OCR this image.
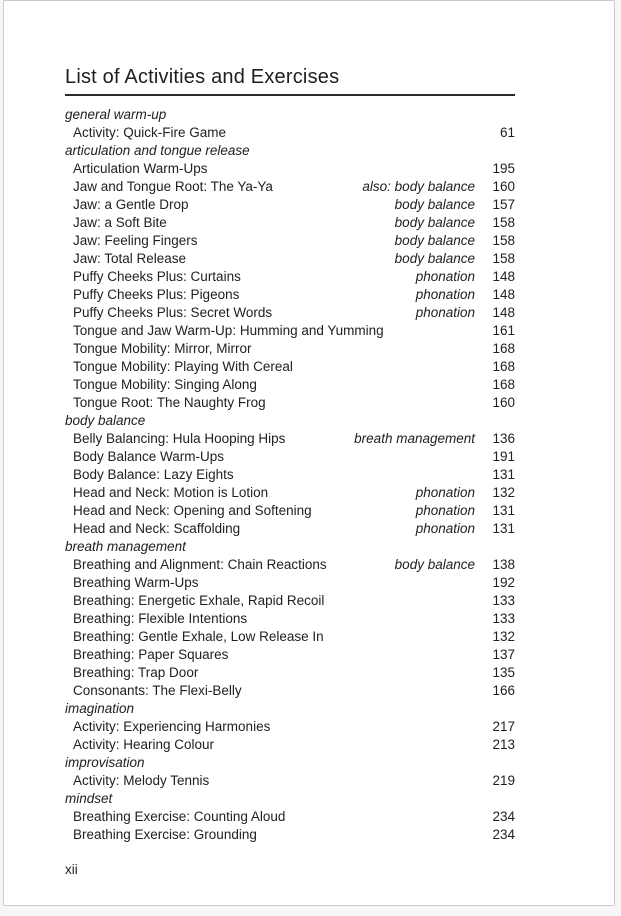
List of Activities and Exercises
general warm-up
Activity: Quick-Fire Game	61
articulation and tongue release
Articulation Warm-Ups	195
Jaw and Tongue Root: The Ya-Ya	also: body balance	160
Jaw: a Gentle Drop	body balance	157
Jaw: a Soft Bite	body balance	158
Jaw: Feeling Fingers	body balance	158
Jaw: Total Release	body balance	158
Puffy Cheeks Plus: Curtains	phonation	148
Puffy Cheeks Plus: Pigeons	phonation	148
Puffy Cheeks Plus: Secret Words	phonation	148
Tongue and Jaw Warm-Up: Humming and Yumming	161
Tongue Mobility: Mirror, Mirror	168
Tongue Mobility: Playing With Cereal	168
Tongue Mobility: Singing Along	168
Tongue Root: The Naughty Frog	160
body balance
Belly Balancing: Hula Hooping Hips	breath management	136
Body Balance Warm-Ups	191
Body Balance: Lazy Eights	131
Head and Neck: Motion is Lotion	phonation	132
Head and Neck: Opening and Softening	phonation	131
Head and Neck: Scaffolding	phonation	131
breath management
Breathing and Alignment: Chain Reactions	body balance	138
Breathing Warm-Ups	192
Breathing: Energetic Exhale, Rapid Recoil	133
Breathing: Flexible Intentions	133
Breathing: Gentle Exhale, Low Release In	132
Breathing: Paper Squares	137
Breathing: Trap Door	135
Consonants: The Flexi-Belly	166
imagination
Activity: Experiencing Harmonies	217
Activity: Hearing Colour	213
improvisation
Activity: Melody Tennis	219
mindset
Breathing Exercise: Counting Aloud	234
Breathing Exercise: Grounding	234
xii
